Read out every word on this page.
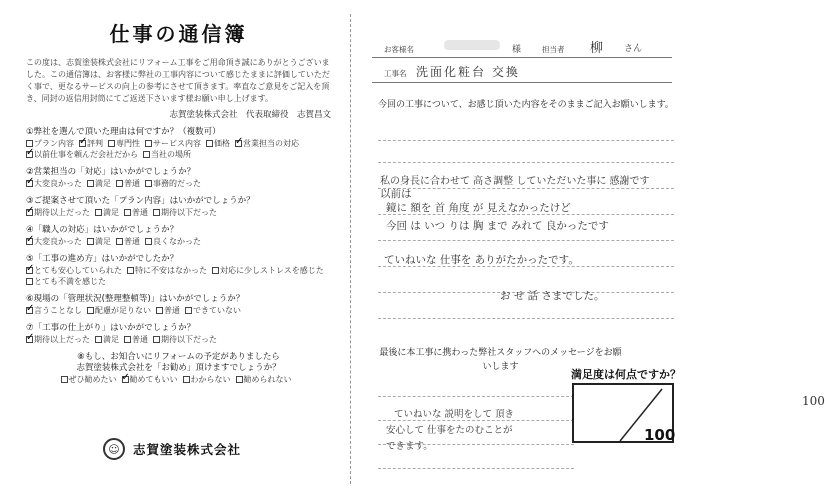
仕事の通信簿
この度は、志賀塗装株式会社にリフォーム工事をご用命頂き誠にありがとうございました。この通信簿は、お客様に弊社の工事内容について感じたままに評価していただく事で、更なるサービスの向上の参考にさせて頂きます。率直なご意見をご記入を頂き、同封の返信用封筒にてご返送下さいます様お願い申し上げます。
志賀塗装株式会社　代表取締役　志賀昌文
①弊社を選んで頂いた理由は何ですか？（複数可）
プラン内容 ✓ 評判 専門性 サービス内容 価格 ✓ 営業担当の対応
✓
以前仕事を頼んだ会社だから 当社の場所
②営業担当の「対応」はいかがでしょうか？
✓
大変良かった 満足 普通 事務的だった
③ご提案させて頂いた「プラン内容」はいかがでしょうか？
✓
期待以上だった 満足 普通 期待以下だった
④「職人の対応」はいかがでしょうか？
✓
大変良かった 満足 普通 良くなかった
⑤「工事の進め方」はいかがでしたか？
✓
とても安心していられた 特に不安はなかった 対応に少しストレスを感じた
とても不満を感じた
⑥現場の「管理状況(整理整頓等)」はいかがでしょうか？
✓
言うことなし 配慮が足りない 普通 できていない
⑦「工事の仕上がり」はいかがでしょうか？
✓
期待以上だった 満足 普通 期待以下だった
⑧もし、お知合いにリフォームの予定がありましたら
志賀塗装株式会社を「お勧め」頂けますでしょうか？
ぜひ勧めたい ✓ 勧めてもいい わからない 勧められない
☺	志賀塗装株式会社
お客様名	様	担当者 柳 さん
工事名 洗面化粧台 交換
今回の工事について、お感じ頂いた内容をそのままご記入お願いします。
私の身長に合わせて 高さ調整 していただいた事に 感謝です
以前は
鏡に 額を 首 角度 が 見えなかったけど
今回 は いつ りは 胸 まで みれて 良かったです
ていねいな 仕事を ありがたかったです。
お せ 話 さまでした。
最後に本工事に携わった弊社スタッフへのメッセージをお願いします
ていねいな 説明をして 頂き
安心して 仕事をたのむことが
できます。
満足度は何点ですか？
100
100
